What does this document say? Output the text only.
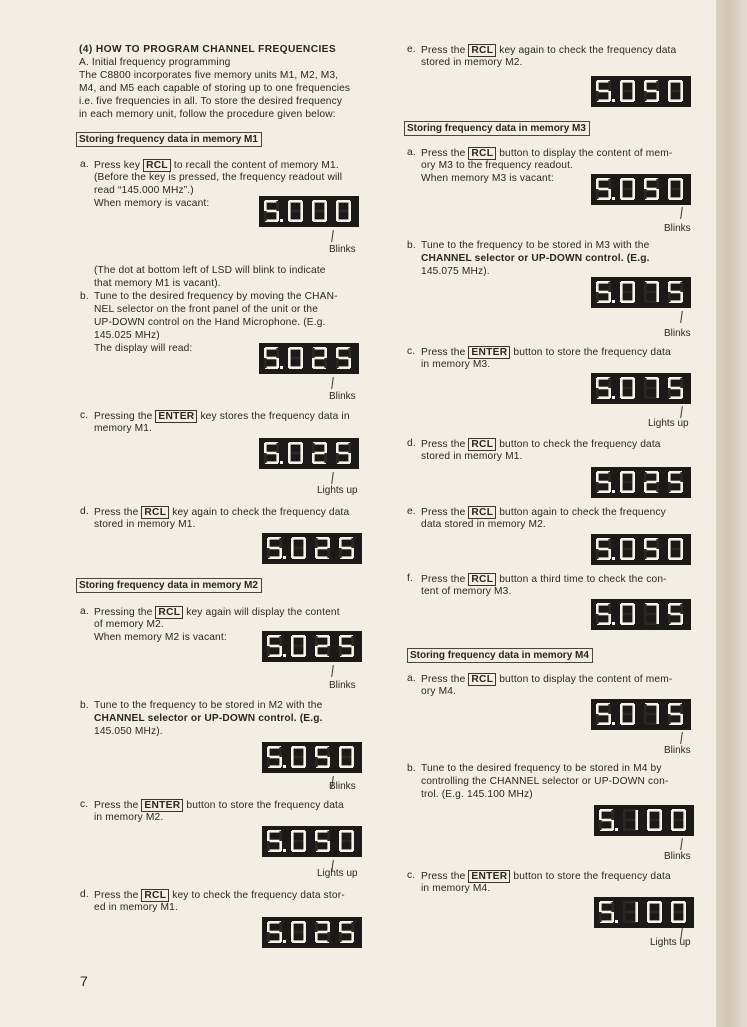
(4) HOW TO PROGRAM CHANNEL FREQUENCIES
A. Initial frequency programming
The C8800 incorporates five memory units M1, M2, M3,
M4, and M5 each capable of storing up to one frequencies
i.e. five frequencies in all. To store the desired frequency
in each memory unit, follow the procedure given below:
Storing frequency data in memory M1
a. Press key RCL to recall the content of memory M1.
(Before the key is pressed, the frequency readout will
read “145.000 MHz”.)
When memory is vacant:
Blinks
(The dot at bottom left of LSD will blink to indicate
that memory M1 is vacant).
b. Tune to the desired frequency by moving the CHAN-
NEL selector on the front panel of the unit or the
UP-DOWN control on the Hand Microphone. (E.g.
145.025 MHz)
The display will read:
Blinks
c. Pressing the ENTER key stores the frequency data in
memory M1.
Lights up
d. Press the RCL key again to check the frequency data
stored in memory M1.
Storing frequency data in memory M2
a. Pressing the RCL key again will display the content
of memory M2.
When memory M2 is vacant:
Blinks
b. Tune to the frequency to be stored in M2 with the
CHANNEL selector or UP-DOWN control. (E.g.
145.050 MHz).
Blinks
c. Press the ENTER button to store the frequency data
in memory M2.
Lights up
d. Press the RCL key to check the frequency data stor-
ed in memory M1.
7
e. Press the RCL key again to check the frequency data
stored in memory M2.
Storing frequency data in memory M3
a. Press the RCL button to display the content of mem-
ory M3 to the frequency readout.
When memory M3 is vacant:
Blinks
b. Tune to the frequency to be stored in M3 with the
CHANNEL selector or UP-DOWN control. (E.g.
145.075 MHz).
Blinks
c. Press the ENTER button to store the frequency data
in memory M3.
Lights up
d. Press the RCL button to check the frequency data
stored in memory M1.
e. Press the RCL button again to check the frequency
data stored in memory M2.
f. Press the RCL button a third time to check the con-
tent of memory M3.
Storing frequency data in memory M4
a. Press the RCL button to display the content of mem-
ory M4.
Blinks
b. Tune to the desired frequency to be stored in M4 by
controlling the CHANNEL selector or UP-DOWN con-
trol. (E.g. 145.100 MHz)
Blinks
c. Press the ENTER button to store the frequency data
in memory M4.
Lights up
